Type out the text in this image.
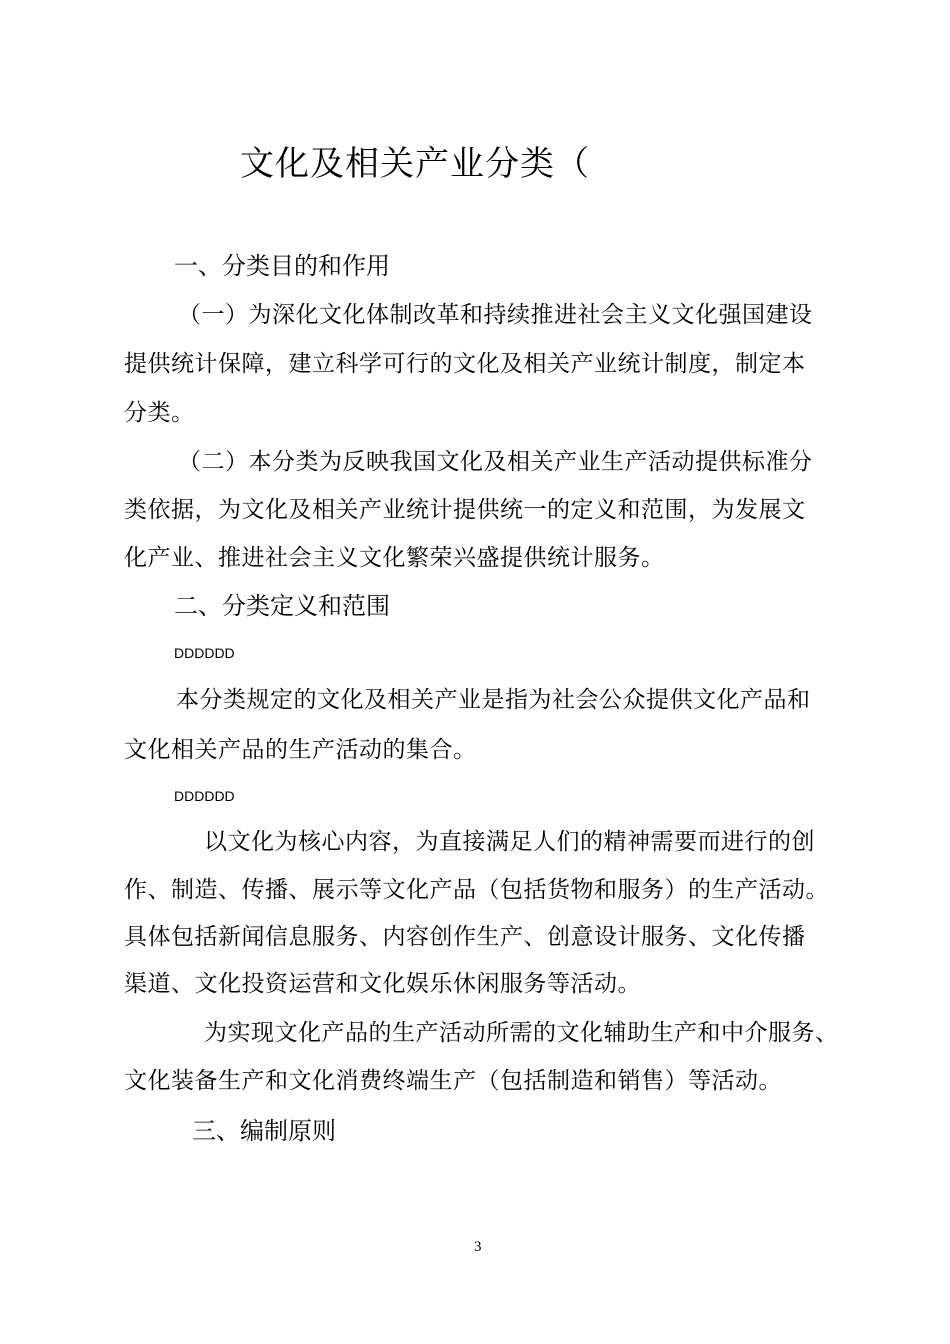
文化及相关产业分类（
一、分类目的和作用
（一）为深化文化体制改革和持续推进社会主义文化强国建设
提供统计保障，建立科学可行的文化及相关产业统计制度，制定本
分类。
（二）本分类为反映我国文化及相关产业生产活动提供标准分
类依据，为文化及相关产业统计提供统一的定义和范围，为发展文
化产业、推进社会主义文化繁荣兴盛提供统计服务。
二、分类定义和范围
DDDDDD
本分类规定的文化及相关产业是指为社会公众提供文化产品和
文化相关产品的生产活动的集合。
DDDDDD
以文化为核心内容，为直接满足人们的精神需要而进行的创
作、制造、传播、展示等文化产品（包括货物和服务）的生产活动。
具体包括新闻信息服务、内容创作生产、创意设计服务、文化传播
渠道、文化投资运营和文化娱乐休闲服务等活动。
为实现文化产品的生产活动所需的文化辅助生产和中介服务、
文化装备生产和文化消费终端生产（包括制造和销售）等活动。
三、编制原则
3
